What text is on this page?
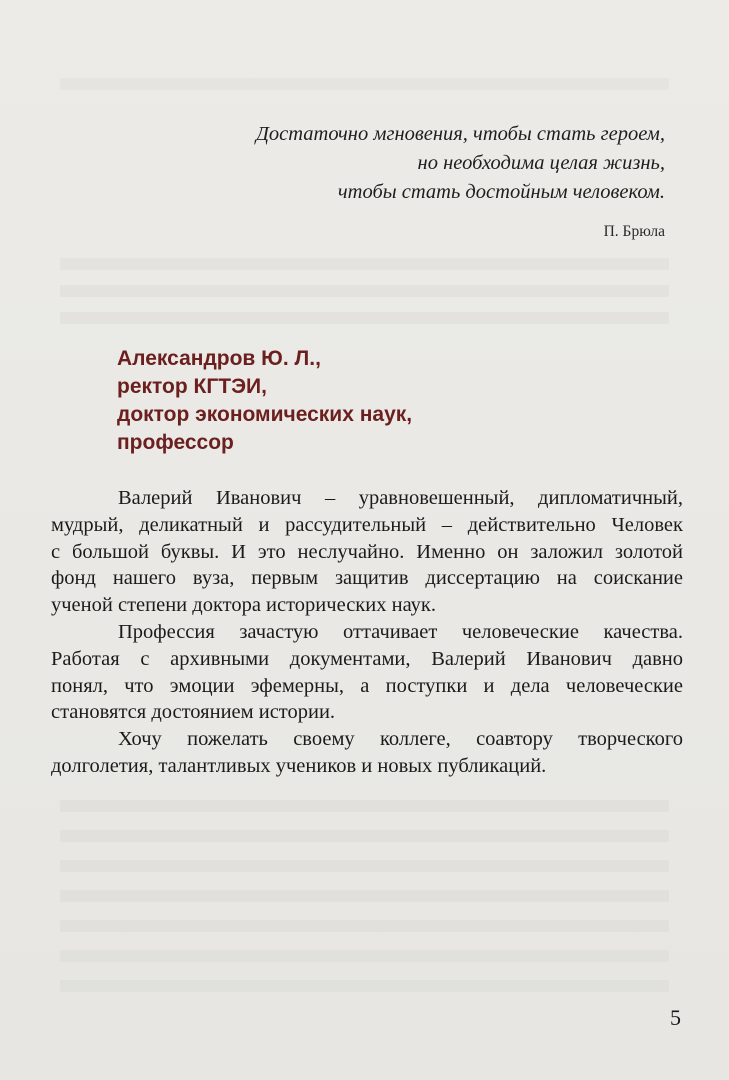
Достаточно мгновения, чтобы стать героем,
но необходима целая жизнь,
чтобы стать достойным человеком.
П. Брюла
Александров Ю. Л.,
ректор КГТЭИ,
доктор экономических наук,
профессор
Валерий Иванович – уравновешенный, дипломатичный,
мудрый, деликатный и рассудительный – действительно Человек
с большой буквы. И это неслучайно. Именно он заложил золотой
фонд нашего вуза, первым защитив диссертацию на соискание
ученой степени доктора исторических наук.
Профессия зачастую оттачивает человеческие качества.
Работая с архивными документами, Валерий Иванович давно
понял, что эмоции эфемерны, а поступки и дела человеческие
становятся достоянием истории.
Хочу пожелать своему коллеге, соавтору творческого
долголетия, талантливых учеников и новых публикаций.
5
